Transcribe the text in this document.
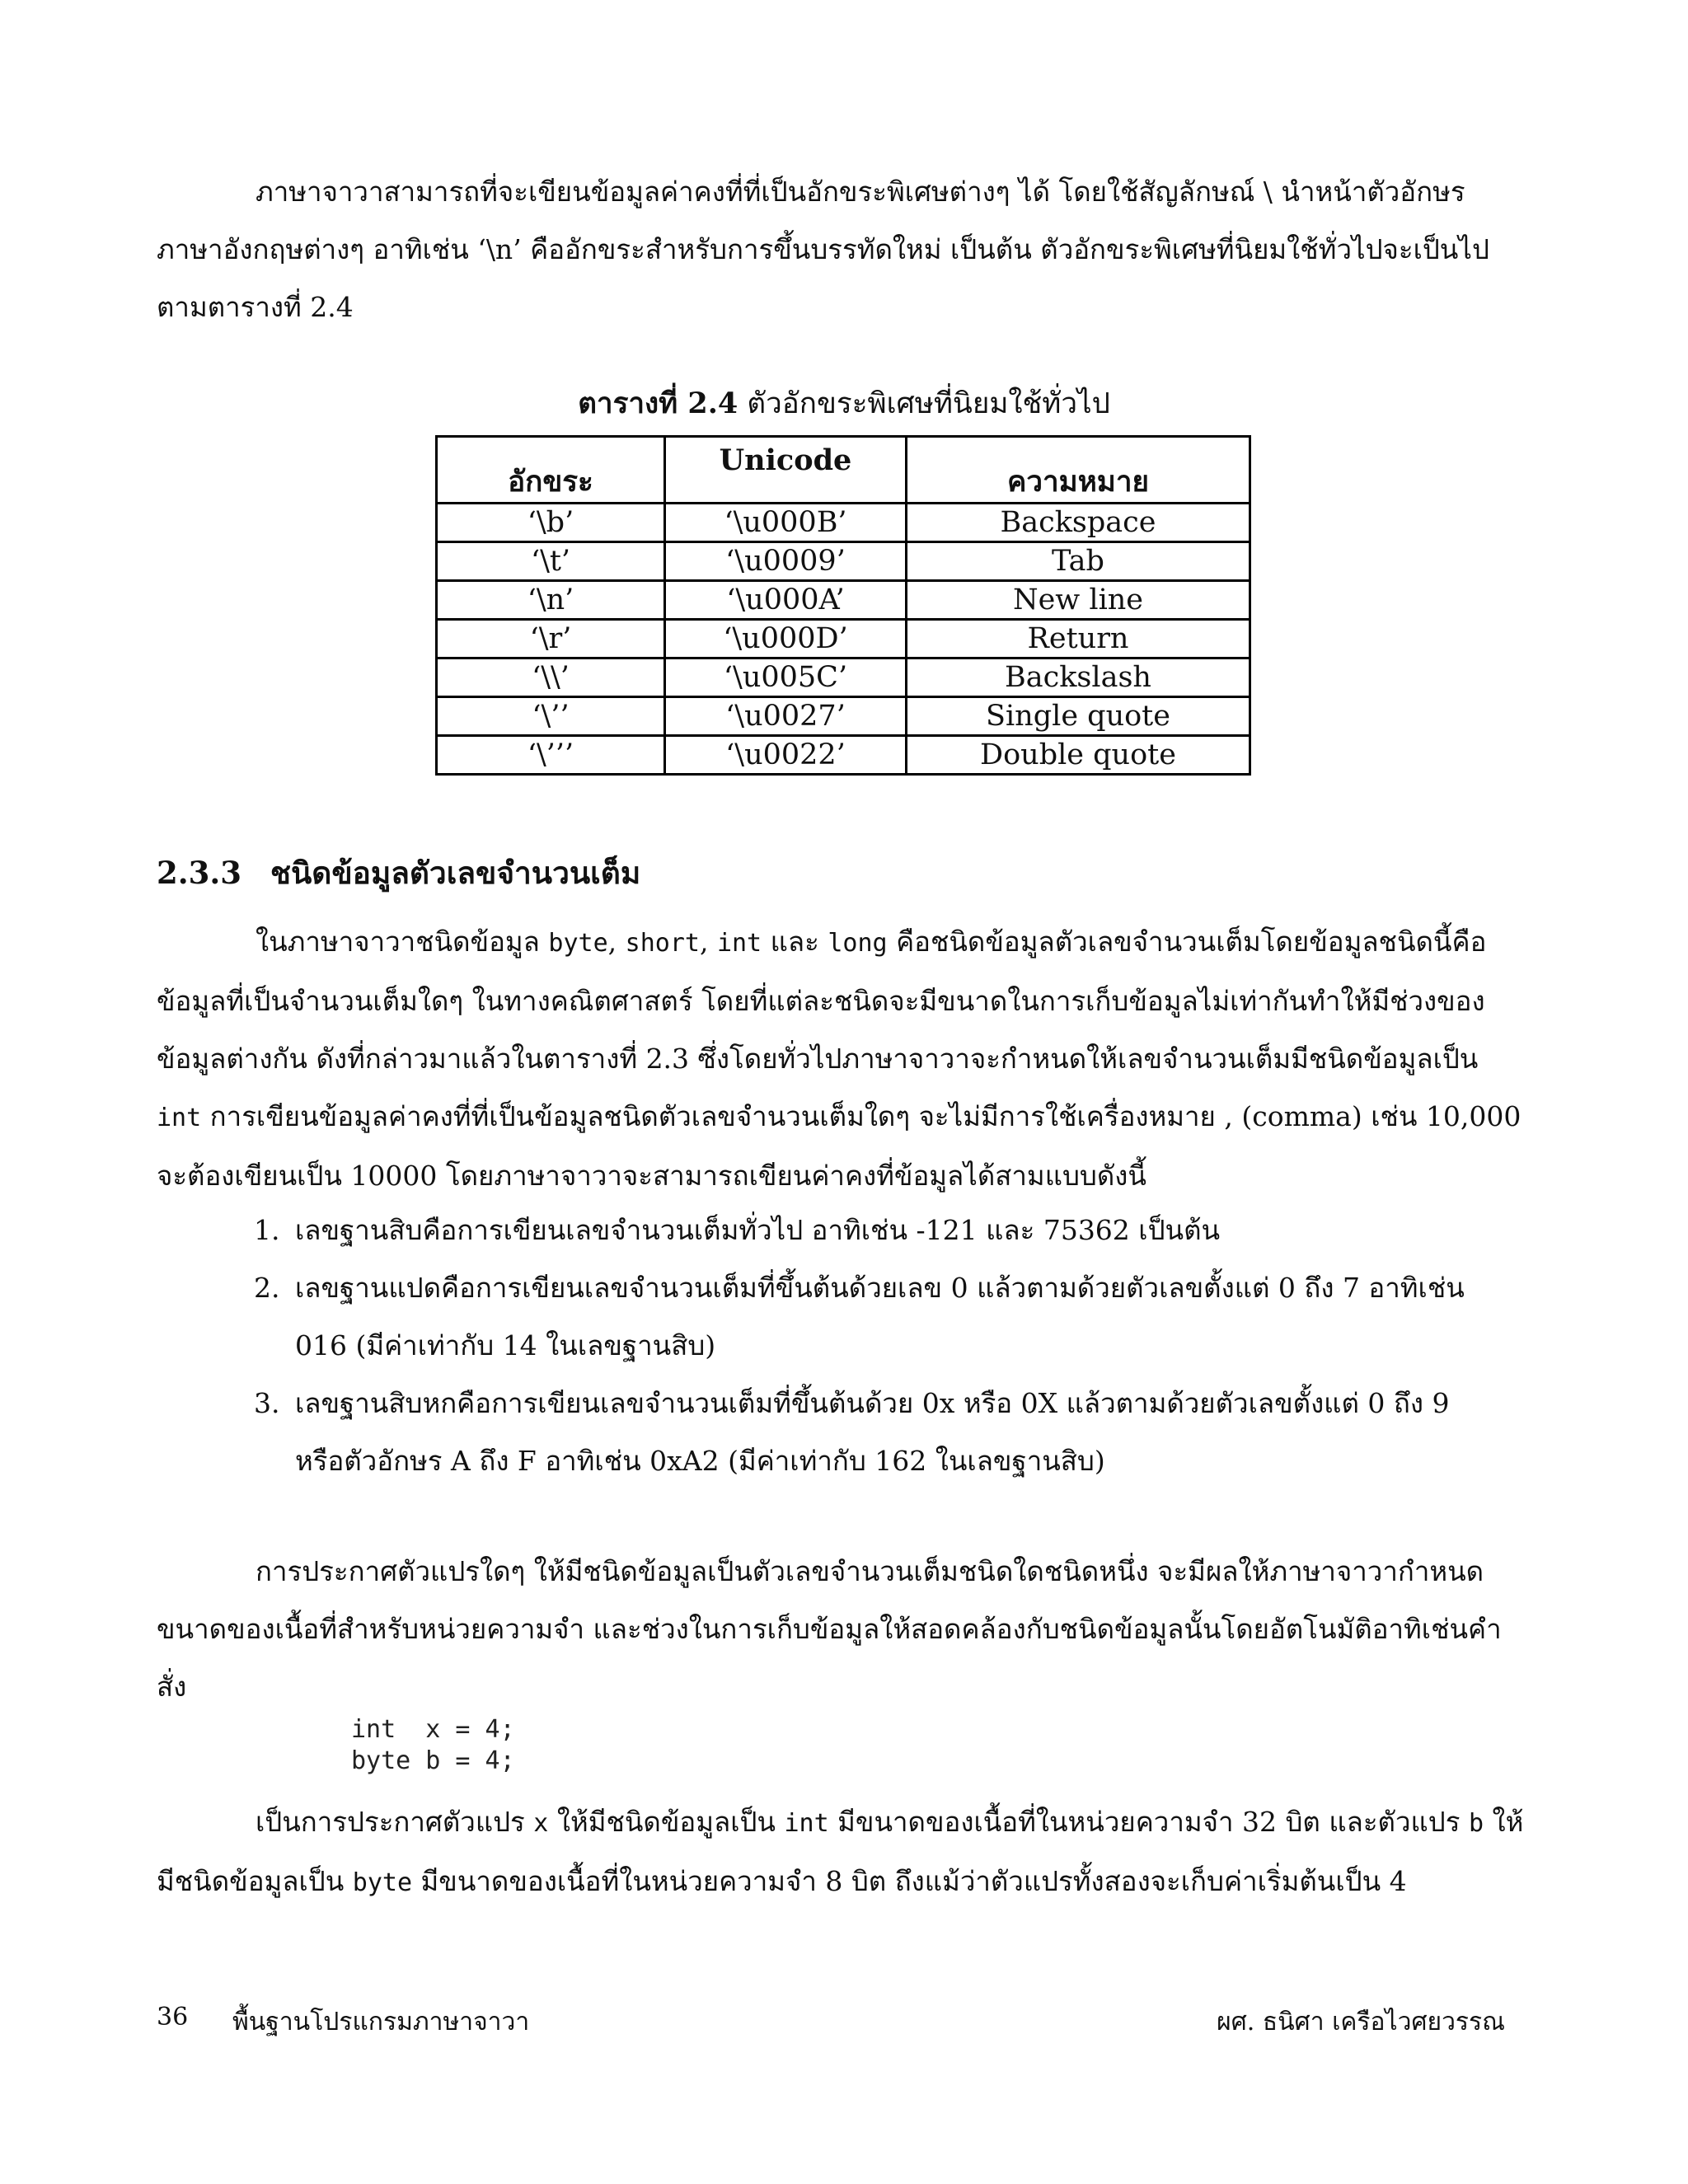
ภาษาจาวาสามารถที่จะเขียนข้อมูลค่าคงที่ที่เป็นอักขระพิเศษต่างๆ ได้ โดยใช้สัญลักษณ์ \ นำหน้าตัวอักษรภาษาอังกฤษต่างๆ อาทิเช่น ‘\n’ คืออักขระสำหรับการขึ้นบรรทัดใหม่ เป็นต้น ตัวอักขระพิเศษที่นิยมใช้ทั่วไปจะเป็นไปตามตารางที่ 2.4

ตารางที่ 2.4 ตัวอักขระพิเศษที่นิยมใช้ทั่วไป
อักขระ	Unicode	ความหมาย
‘\b’	‘\u000B’	Backspace
‘\t’	‘\u0009’	Tab
‘\n’	‘\u000A’	New line
‘\r’	‘\u000D’	Return
‘\\’	‘\u005C’	Backslash
‘\’’	‘\u0027’	Single quote
‘\’’’	‘\u0022’	Double quote
2.3.3 ชนิดข้อมูลตัวเลขจำนวนเต็ม

ในภาษาจาวาชนิดข้อมูล byte, short, int และ long คือชนิดข้อมูลตัวเลขจำนวนเต็มโดยข้อมูลชนิดนี้คือข้อมูลที่เป็นจำนวนเต็มใดๆ ในทางคณิตศาสตร์ โดยที่แต่ละชนิดจะมีขนาดในการเก็บข้อมูลไม่เท่ากันทำให้มีช่วงของข้อมูลต่างกัน ดังที่กล่าวมาแล้วในตารางที่ 2.3 ซึ่งโดยทั่วไปภาษาจาวาจะกำหนดให้เลขจำนวนเต็มมีชนิดข้อมูลเป็น int การเขียนข้อมูลค่าคงที่ที่เป็นข้อมูลชนิดตัวเลขจำนวนเต็มใดๆ จะไม่มีการใช้เครื่องหมาย , (comma) เช่น 10,000 จะต้องเขียนเป็น 10000 โดยภาษาจาวาจะสามารถเขียนค่าคงที่ข้อมูลได้สามแบบดังนี้

1. เลขฐานสิบคือการเขียนเลขจำนวนเต็มทั่วไป อาทิเช่น -121 และ 75362 เป็นต้น
2. เลขฐานแปดคือการเขียนเลขจำนวนเต็มที่ขึ้นต้นด้วยเลข 0 แล้วตามด้วยตัวเลขตั้งแต่ 0 ถึง 7 อาทิเช่น 016 (มีค่าเท่ากับ 14 ในเลขฐานสิบ)
3. เลขฐานสิบหกคือการเขียนเลขจำนวนเต็มที่ขึ้นต้นด้วย 0x หรือ 0X แล้วตามด้วยตัวเลขตั้งแต่ 0 ถึง 9 หรือตัวอักษร A ถึง F อาทิเช่น 0xA2 (มีค่าเท่ากับ 162 ในเลขฐานสิบ)

การประกาศตัวแปรใดๆ ให้มีชนิดข้อมูลเป็นตัวเลขจำนวนเต็มชนิดใดชนิดหนึ่ง จะมีผลให้ภาษาจาวากำหนดขนาดของเนื้อที่สำหรับหน่วยความจำ และช่วงในการเก็บข้อมูลให้สอดคล้องกับชนิดข้อมูลนั้นโดยอัตโนมัติอาทิเช่นคำสั่ง

int  x = 4;
byte b = 4;

เป็นการประกาศตัวแปร x ให้มีชนิดข้อมูลเป็น int มีขนาดของเนื้อที่ในหน่วยความจำ 32 บิต และตัวแปร b ให้มีชนิดข้อมูลเป็น byte มีขนาดของเนื้อที่ในหน่วยความจำ 8 บิต ถึงแม้ว่าตัวแปรทั้งสองจะเก็บค่าเริ่มต้นเป็น 4

36 พื้นฐานโปรแกรมภาษาจาวา	ผศ. ธนิศา เครือไวศยวรรณ
